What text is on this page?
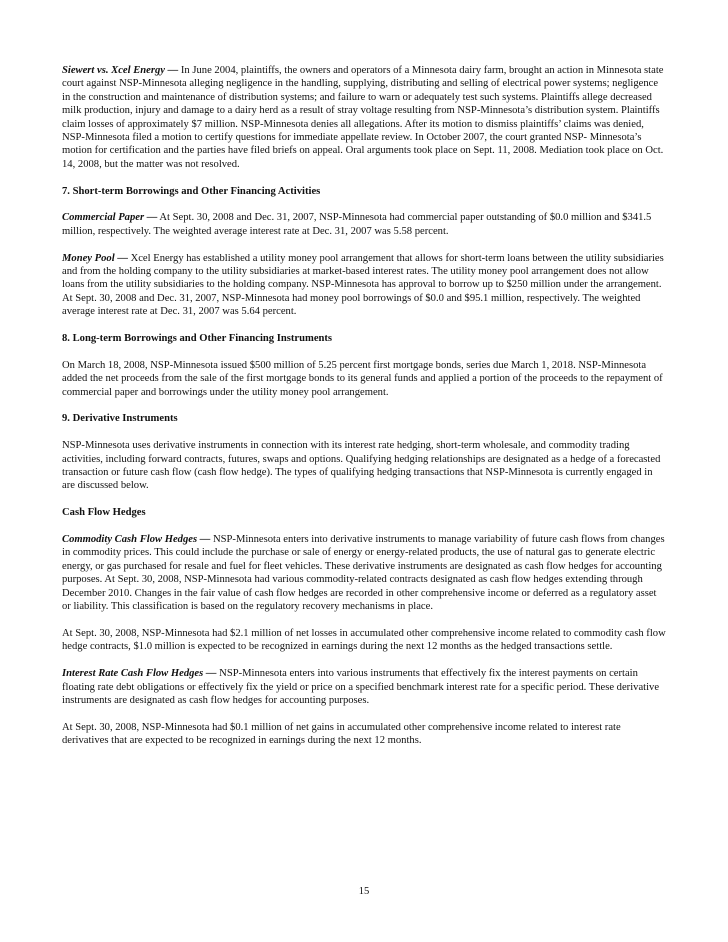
Siewert vs. Xcel Energy — In June 2004, plaintiffs, the owners and operators of a Minnesota dairy farm, brought an action in Minnesota state court against NSP-Minnesota alleging negligence in the handling, supplying, distributing and selling of electrical power systems; negligence in the construction and maintenance of distribution systems; and failure to warn or adequately test such systems. Plaintiffs allege decreased milk production, injury and damage to a dairy herd as a result of stray voltage resulting from NSP-Minnesota’s distribution system. Plaintiffs claim losses of approximately $7 million. NSP-Minnesota denies all allegations. After its motion to dismiss plaintiffs’ claims was denied, NSP-Minnesota filed a motion to certify questions for immediate appellate review. In October 2007, the court granted NSP- Minnesota’s motion for certification and the parties have filed briefs on appeal. Oral arguments took place on Sept. 11, 2008. Mediation took place on Oct. 14, 2008, but the matter was not resolved.

7. Short-term Borrowings and Other Financing Activities

Commercial Paper — At Sept. 30, 2008 and Dec. 31, 2007, NSP-Minnesota had commercial paper outstanding of $0.0 million and $341.5 million, respectively. The weighted average interest rate at Dec. 31, 2007 was 5.58 percent.

Money Pool — Xcel Energy has established a utility money pool arrangement that allows for short-term loans between the utility subsidiaries and from the holding company to the utility subsidiaries at market-based interest rates. The utility money pool arrangement does not allow loans from the utility subsidiaries to the holding company. NSP-Minnesota has approval to borrow up to $250 million under the arrangement. At Sept. 30, 2008 and Dec. 31, 2007, NSP-Minnesota had money pool borrowings of $0.0 and $95.1 million, respectively. The weighted average interest rate at Dec. 31, 2007 was 5.64 percent.

8. Long-term Borrowings and Other Financing Instruments

On March 18, 2008, NSP-Minnesota issued $500 million of 5.25 percent first mortgage bonds, series due March 1, 2018. NSP-Minnesota added the net proceeds from the sale of the first mortgage bonds to its general funds and applied a portion of the proceeds to the repayment of commercial paper and borrowings under the utility money pool arrangement.

9. Derivative Instruments

NSP-Minnesota uses derivative instruments in connection with its interest rate hedging, short-term wholesale, and commodity trading activities, including forward contracts, futures, swaps and options. Qualifying hedging relationships are designated as a hedge of a forecasted transaction or future cash flow (cash flow hedge). The types of qualifying hedging transactions that NSP-Minnesota is currently engaged in are discussed below.

Cash Flow Hedges

Commodity Cash Flow Hedges — NSP-Minnesota enters into derivative instruments to manage variability of future cash flows from changes in commodity prices. This could include the purchase or sale of energy or energy-related products, the use of natural gas to generate electric energy, or gas purchased for resale and fuel for fleet vehicles. These derivative instruments are designated as cash flow hedges for accounting purposes. At Sept. 30, 2008, NSP-Minnesota had various commodity-related contracts designated as cash flow hedges extending through December 2010. Changes in the fair value of cash flow hedges are recorded in other comprehensive income or deferred as a regulatory asset or liability. This classification is based on the regulatory recovery mechanisms in place.

At Sept. 30, 2008, NSP-Minnesota had $2.1 million of net losses in accumulated other comprehensive income related to commodity cash flow hedge contracts, $1.0 million is expected to be recognized in earnings during the next 12 months as the hedged transactions settle.

Interest Rate Cash Flow Hedges — NSP-Minnesota enters into various instruments that effectively fix the interest payments on certain floating rate debt obligations or effectively fix the yield or price on a specified benchmark interest rate for a specific period. These derivative instruments are designated as cash flow hedges for accounting purposes.

At Sept. 30, 2008, NSP-Minnesota had $0.1 million of net gains in accumulated other comprehensive income related to interest rate derivatives that are expected to be recognized in earnings during the next 12 months.

15
